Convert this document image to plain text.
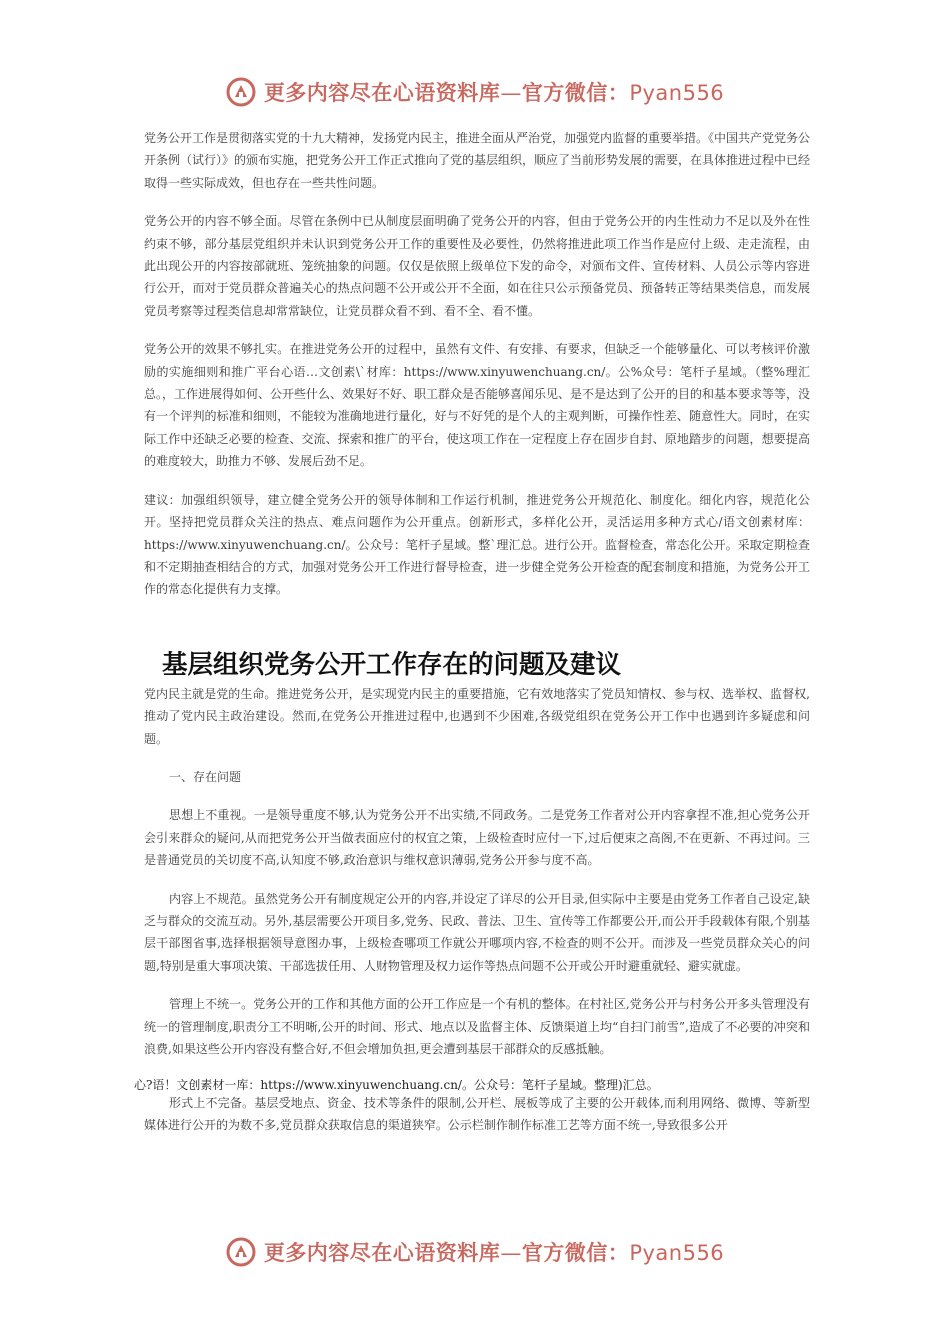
更多内容尽在心语资料库—官方微信：Pyan556

党务公开工作是贯彻落实党的十九大精神，发扬党内民主，推进全面从严治党，加强党内监督的重要举措。《中国共产党党务公开条例（试行）》的颁布实施，把党务公开工作正式推向了党的基层组织，顺应了当前形势发展的需要，在具体推进过程中已经取得一些实际成效，但也存在一些共性问题。

党务公开的内容不够全面。尽管在条例中已从制度层面明确了党务公开的内容，但由于党务公开的内生性动力不足以及外在性约束不够，部分基层党组织并未认识到党务公开工作的重要性及必要性，仍然将推进此项工作当作是应付上级、走走流程，由此出现公开的内容按部就班、笼统抽象的问题。仅仅是依照上级单位下发的命令，对颁布文件、宣传材料、人员公示等内容进行公开，而对于党员群众普遍关心的热点问题不公开或公开不全面，如在往只公示预备党员、预备转正等结果类信息，而发展党员考察等过程类信息却常常缺位，让党员群众看不到、看不全、看不懂。

党务公开的效果不够扎实。在推进党务公开的过程中，虽然有文件、有安排、有要求，但缺乏一个能够量化、可以考核评价激励的实施细则和推广平台心语…文创素\`材库：https://www.xinyuwenchuang.cn/。公%众号：笔杆子星域。（整%理汇总。，工作进展得如何、公开些什么、效果好不好、职工群众是否能够喜闻乐见、是不是达到了公开的目的和基本要求等等，没有一个评判的标准和细则，不能较为准确地进行量化，好与不好凭的是个人的主观判断，可操作性差、随意性大。同时，在实际工作中还缺乏必要的检查、交流、探索和推广的平台，使这项工作在一定程度上存在固步自封、原地踏步的问题，想要提高的难度较大，助推力不够、发展后劲不足。

建议：加强组织领导，建立健全党务公开的领导体制和工作运行机制，推进党务公开规范化、制度化。细化内容，规范化公开。坚持把党员群众关注的热点、难点问题作为公开重点。创新形式，多样化公开，灵活运用多种方式心/语文创素材库：https://www.xinyuwenchuang.cn/。公众号：笔杆子星域。整`理汇总。进行公开。监督检查，常态化公开。采取定期检查和不定期抽查相结合的方式，加强对党务公开工作进行督导检查，进一步健全党务公开检查的配套制度和措施，为党务公开工作的常态化提供有力支撑。

基层组织党务公开工作存在的问题及建议

党内民主就是党的生命。推进党务公开，是实现党内民主的重要措施，它有效地落实了党员知情权、参与权、选举权、监督权,推动了党内民主政治建设。然而,在党务公开推进过程中,也遇到不少困难,各级党组织在党务公开工作中也遇到许多疑虑和问题。

一、存在问题

思想上不重视。一是领导重度不够,认为党务公开不出实绩,不同政务。二是党务工作者对公开内容拿捏不准,担心党务公开会引来群众的疑问,从而把党务公开当做表面应付的权宜之策，上级检查时应付一下,过后便束之高阁,不在更新、不再过问。三是普通党员的关切度不高,认知度不够,政治意识与维权意识薄弱,党务公开参与度不高。

内容上不规范。虽然党务公开有制度规定公开的内容,并设定了详尽的公开目录,但实际中主要是由党务工作者自己设定,缺乏与群众的交流互动。另外,基层需要公开项目多,党务、民政、普法、卫生、宣传等工作都要公开,而公开手段载体有限,个别基层干部图省事,选择根据领导意图办事，上级检查哪项工作就公开哪项内容,不检查的则不公开。而涉及一些党员群众关心的问题,特别是重大事项决策、干部选拔任用、人财物管理及权力运作等热点问题不公开或公开时避重就轻、避实就虚。

管理上不统一。党务公开的工作和其他方面的公开工作应是一个有机的整体。在村社区,党务公开与村务公开多头管理没有统一的管理制度,职责分工不明晰,公开的时间、形式、地点以及监督主体、反馈渠道上均“自扫门前雪”,造成了不必要的冲突和浪费,如果这些公开内容没有整合好,不但会增加负担,更会遭到基层干部群众的反感抵触。

心?语！文创素材一库：https://www.xinyuwenchuang.cn/。公众号：笔杆子星域。整理)汇总。

形式上不完备。基层受地点、资金、技术等条件的限制,公开栏、展板等成了主要的公开载体,而利用网络、微博、等新型媒体进行公开的为数不多,党员群众获取信息的渠道狭窄。公示栏制作制作标准工艺等方面不统一,导致很多公开

更多内容尽在心语资料库—官方微信：Pyan556
